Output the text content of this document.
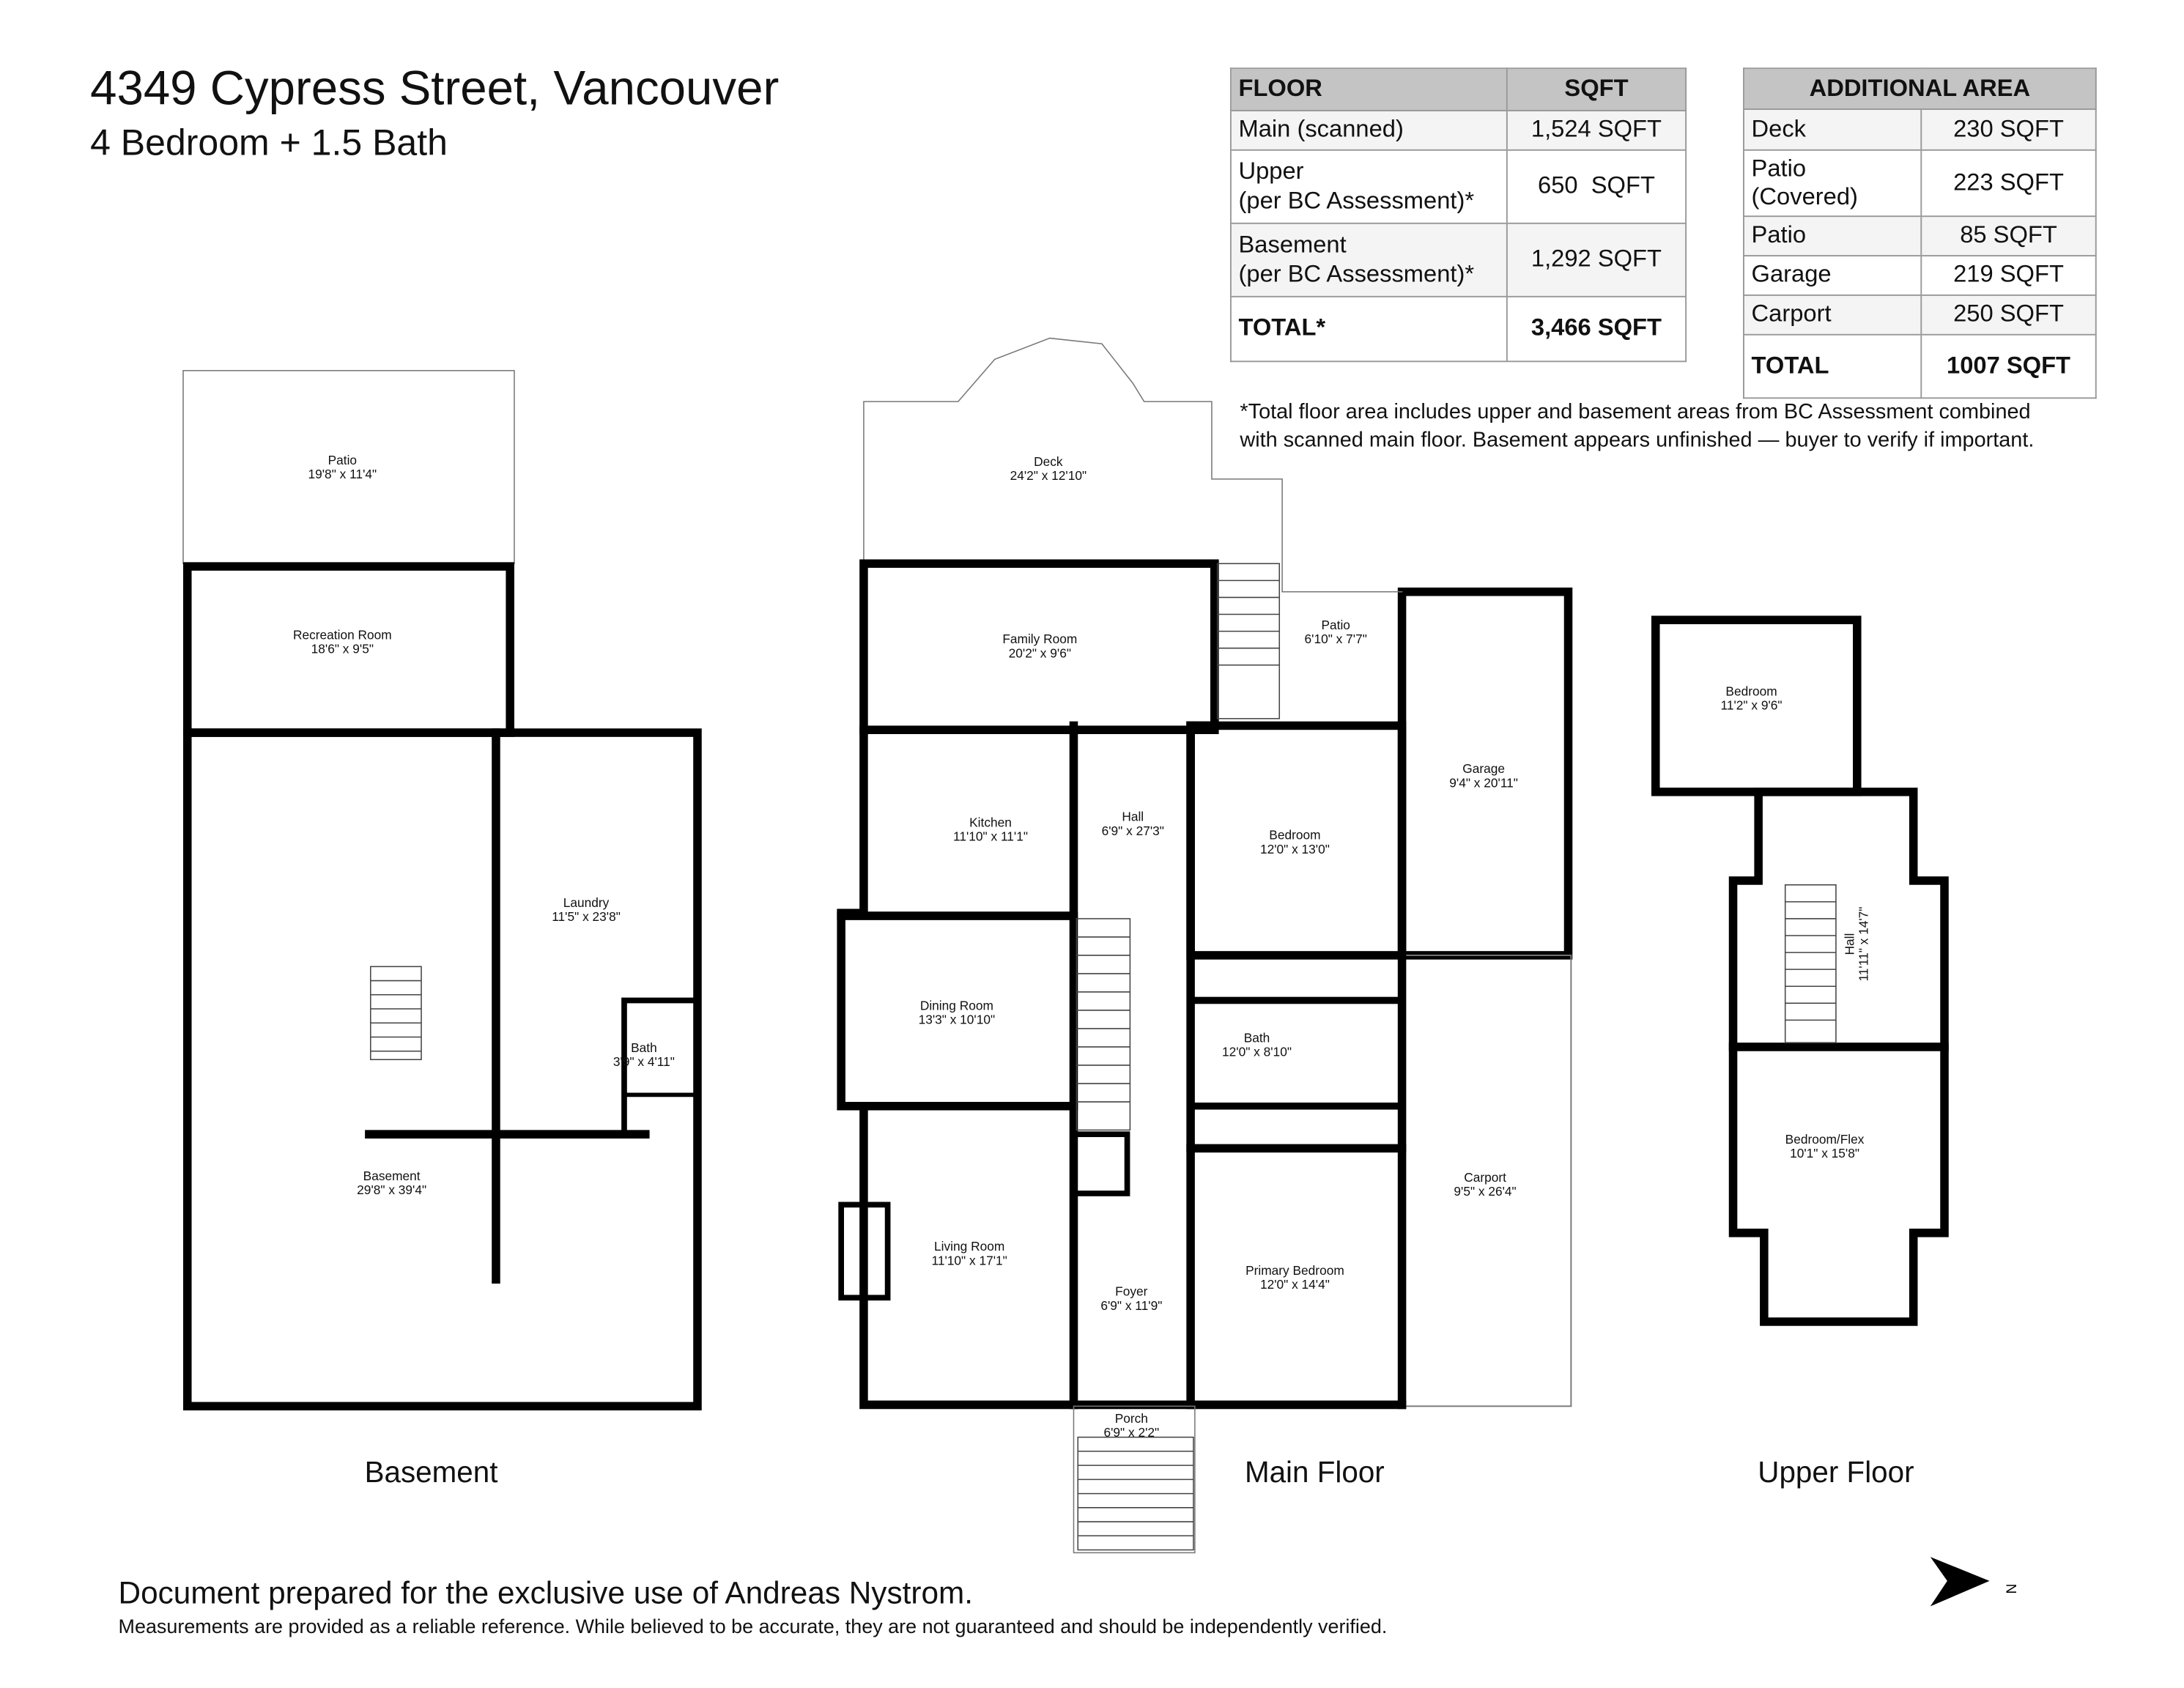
4349 Cypress Street, Vancouver
4 Bedroom + 1.5 Bath
FLOOR	SQFT
Main (scanned)	1,524 SQFT
Upper
(per BC Assessment)*	650  SQFT
Basement
(per BC Assessment)*	1,292 SQFT
TOTAL*	3,466 SQFT
ADDITIONAL AREA	
Deck	230 SQFT
Patio
(Covered)	223 SQFT
Patio	85 SQFT
Garage	219 SQFT
Carport	250 SQFT
TOTAL	1007 SQFT
*Total floor area includes upper and basement areas from BC Assessment combined
with scanned main floor. Basement appears unfinished — buyer to verify if important.
N
Patio
19'8" x 11'4"
Recreation Room
18'6" x 9'5"
Laundry
11'5" x 23'8"
Bath
3'9" x 4'11"
Basement
29'8" x 39'4"
Deck
24'2" x 12'10"
Family Room
20'2" x 9'6"
Patio
6'10" x 7'7"
Kitchen
11'10" x 11'1"
Hall
6'9" x 27'3"	Bedroom
12'0" x 13'0"
Garage
9'4" x 20'11"
Dining Room
13'3" x 10'10"
Bath
12'0" x 8'10"
Carport
9'5" x 26'4"
Living Room
11'10" x 17'1"
Primary Bedroom
12'0" x 14'4"
Foyer
6'9" x 11'9"
Porch
6'9" x 2'2"
Bedroom
11'2" x 9'6"
Hall
11'11" x 14'7"
Bedroom/Flex
10'1" x 15'8"
Basement	Main Floor	Upper Floor
Document prepared for the exclusive use of Andreas Nystrom.
Measurements are provided as a reliable reference. While believed to be accurate, they are not guaranteed and should be independently verified.
